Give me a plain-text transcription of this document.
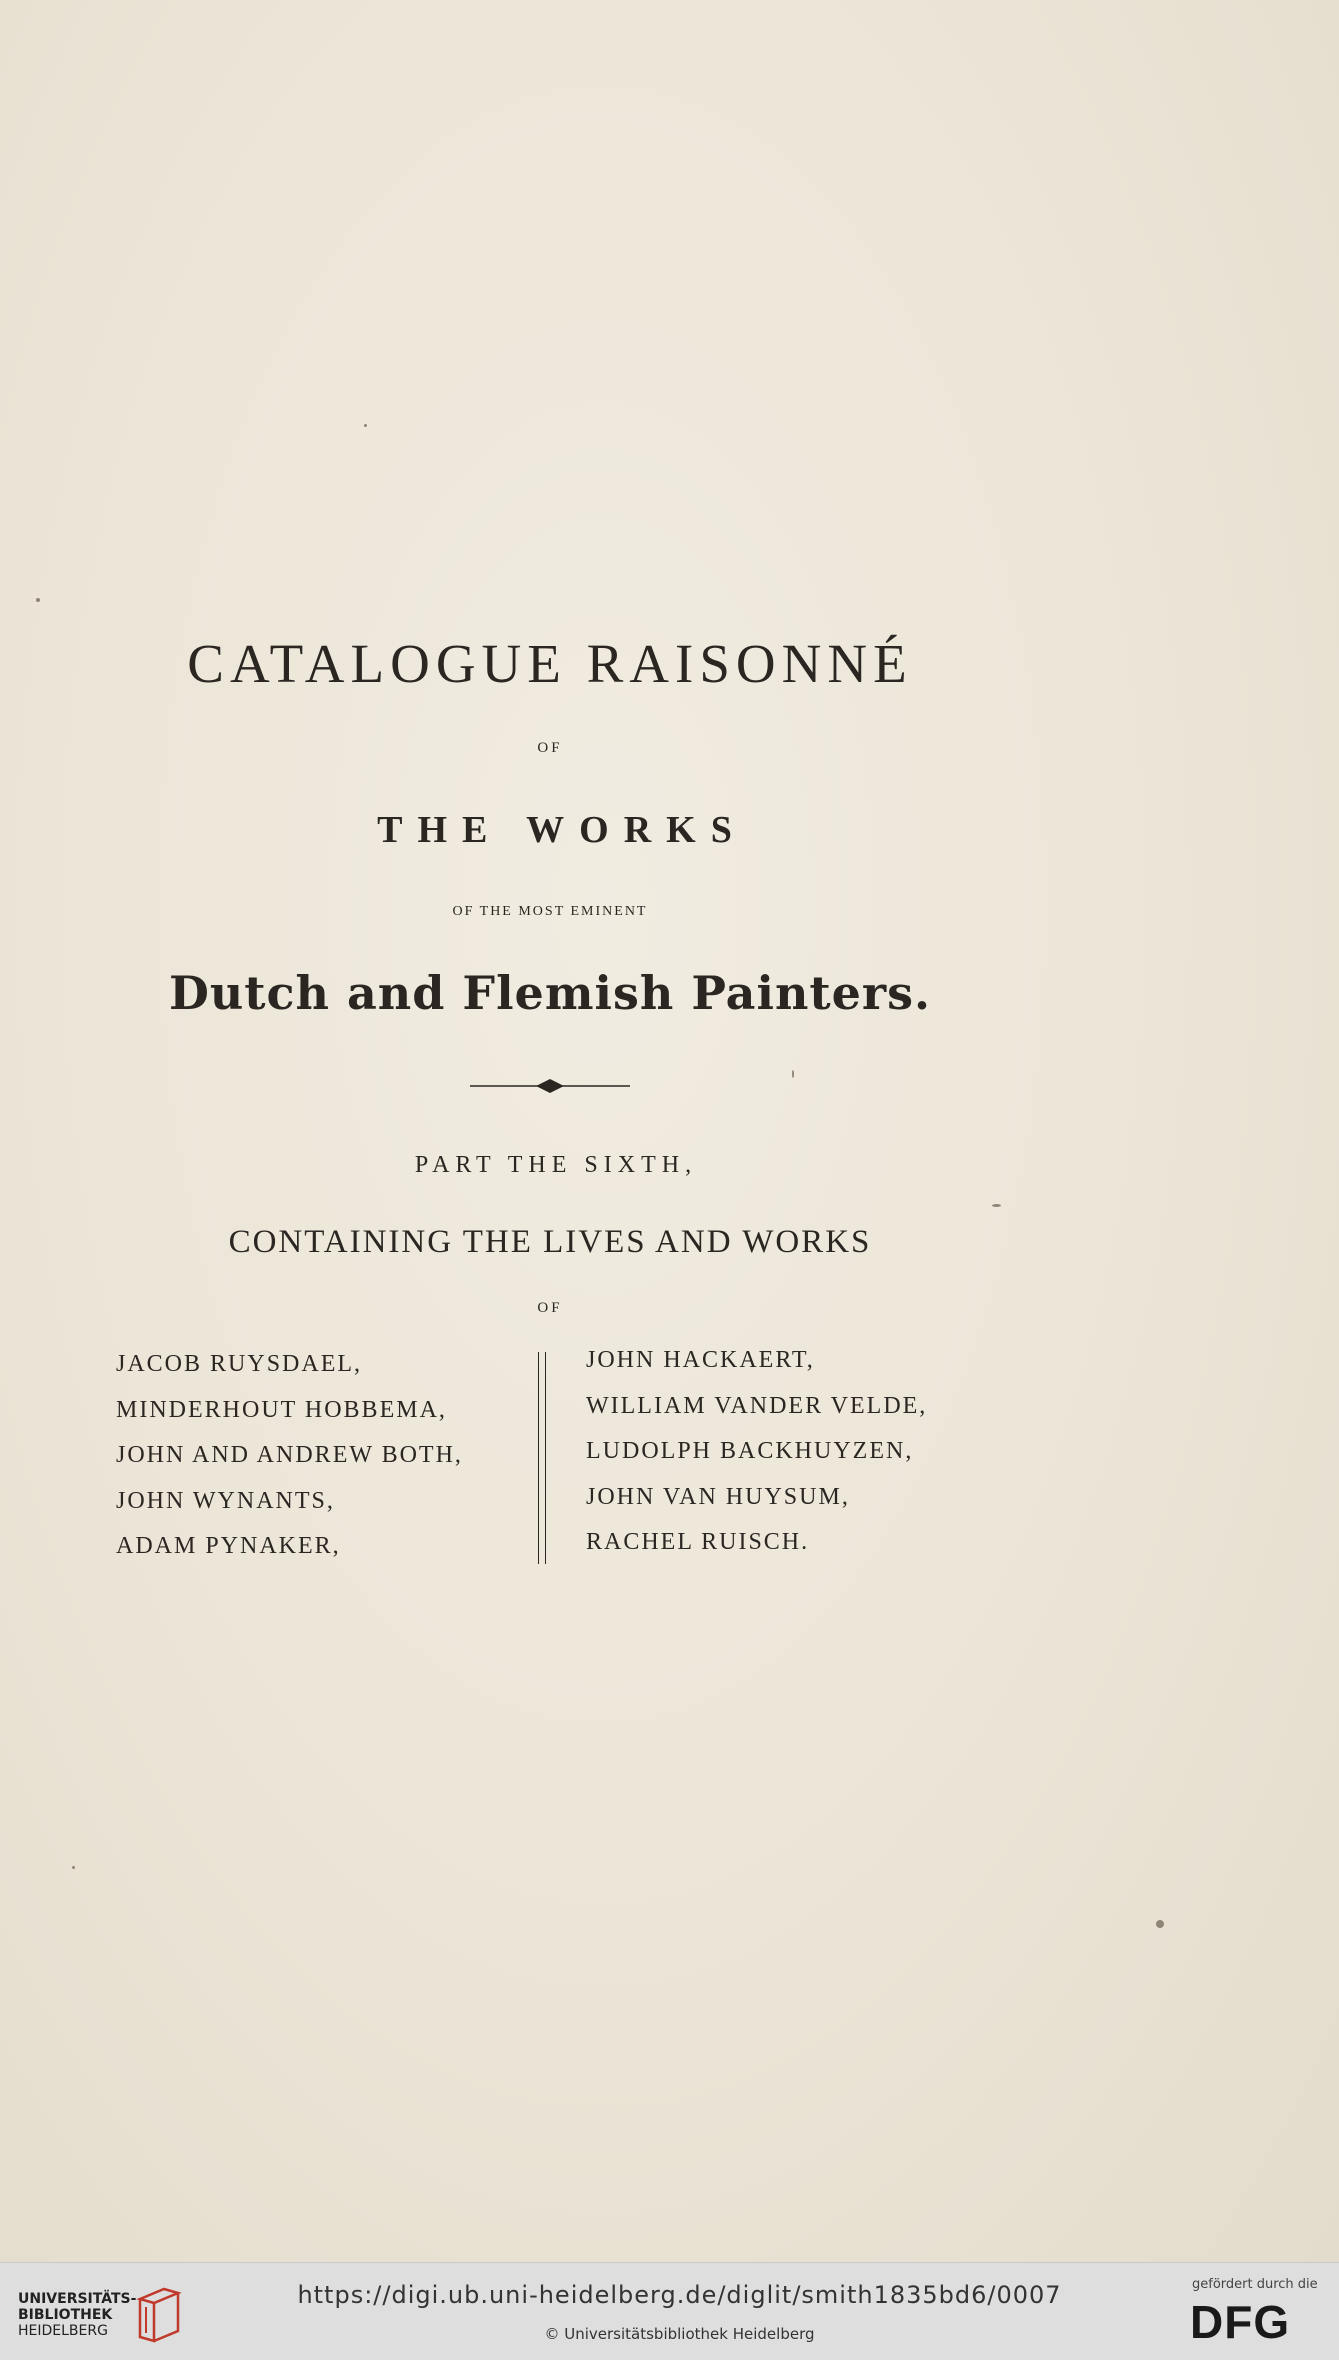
CATALOGUE RAISONNÉ
OF
THE WORKS
OF THE MOST EMINENT
Dutch and Flemish Painters.
PART THE SIXTH,
CONTAINING THE LIVES AND WORKS
OF
JACOB RUYSDAEL,
MINDERHOUT HOBBEMA,
JOHN AND ANDREW BOTH,
JOHN WYNANTS,
ADAM PYNAKER,
JOHN HACKAERT,
WILLIAM VANDER VELDE,
LUDOLPH BACKHUYZEN,
JOHN VAN HUYSUM,
RACHEL RUISCH.
UNIVERSITÄTS-
BIBLIOTHEK
HEIDELBERG
https://digi.ub.uni-heidelberg.de/diglit/smith1835bd6/0007
© Universitätsbibliothek Heidelberg
gefördert durch die
DFG
